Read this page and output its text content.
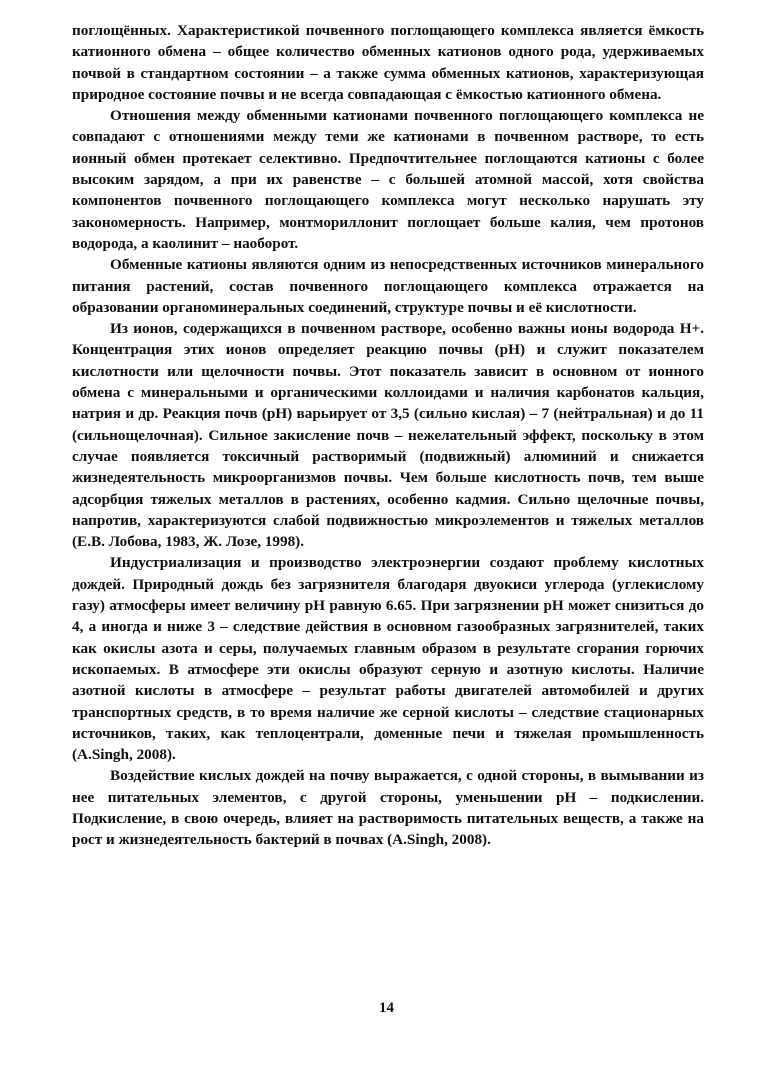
поглощённых. Характеристикой почвенного поглощающего комплекса является ёмкость катионного обмена – общее количество обменных катионов одного рода, удерживаемых почвой в стандартном состоянии – а также сумма обменных катионов, характеризующая природное состояние почвы и не всегда совпадающая с ёмкостью катионного обмена.

Отношения между обменными катионами почвенного поглощающего комплекса не совпадают с отношениями между теми же катионами в почвенном растворе, то есть ионный обмен протекает селективно. Предпочтительнее поглощаются катионы с более высоким зарядом, а при их равенстве – с большей атомной массой, хотя свойства компонентов почвенного поглощающего комплекса могут несколько нарушать эту закономерность. Например, монтмориллонит поглощает больше калия, чем протонов водорода, а каолинит – наоборот.

Обменные катионы являются одним из непосредственных источников минерального питания растений, состав почвенного поглощающего комплекса отражается на образовании органоминеральных соединений, структуре почвы и её кислотности.

Из ионов, содержащихся в почвенном растворе, особенно важны ионы водорода Н+. Концентрация этих ионов определяет реакцию почвы (рН) и служит показателем кислотности или щелочности почвы. Этот показатель зависит в основном от ионного обмена с минеральными и органическими коллоидами и наличия карбонатов кальция, натрия и др. Реакция почв (рН) варьирует от 3,5 (сильно кислая) – 7 (нейтральная) и до 11 (сильнощелочная). Сильное закисление почв – нежелательный эффект, поскольку в этом случае появляется токсичный растворимый (подвижный) алюминий и снижается жизнедеятельность микроорганизмов почвы. Чем больше кислотность почв, тем выше адсорбция тяжелых металлов в растениях, особенно кадмия. Сильно щелочные почвы, напротив, характеризуются слабой подвижностью микроэлементов и тяжелых металлов (Е.В. Лобова, 1983, Ж. Лозе, 1998).

Индустриализация и производство электроэнергии создают проблему кислотных дождей. Природный дождь без загрязнителя благодаря двуокиси углерода (углекислому газу) атмосферы имеет величину рН равную 6.65. При загрязнении рН может снизиться до 4, а иногда и ниже 3 – следствие действия в основном газообразных загрязнителей, таких как окислы азота и серы, получаемых главным образом в результате сгорания горючих ископаемых. В атмосфере эти окислы образуют серную и азотную кислоты. Наличие азотной кислоты в атмосфере – результат работы двигателей автомобилей и других транспортных средств, в то время наличие же серной кислоты – следствие стационарных источников, таких, как теплоцентрали, доменные печи и тяжелая промышленность (A.Singh, 2008).

Воздействие кислых дождей на почву выражается, с одной стороны, в вымывании из нее питательных элементов, с другой стороны, уменьшении рН – подкислении. Подкисление, в свою очередь, влияет на растворимость питательных веществ, а также на рост и жизнедеятельность бактерий в почвах (A.Singh, 2008).

14
